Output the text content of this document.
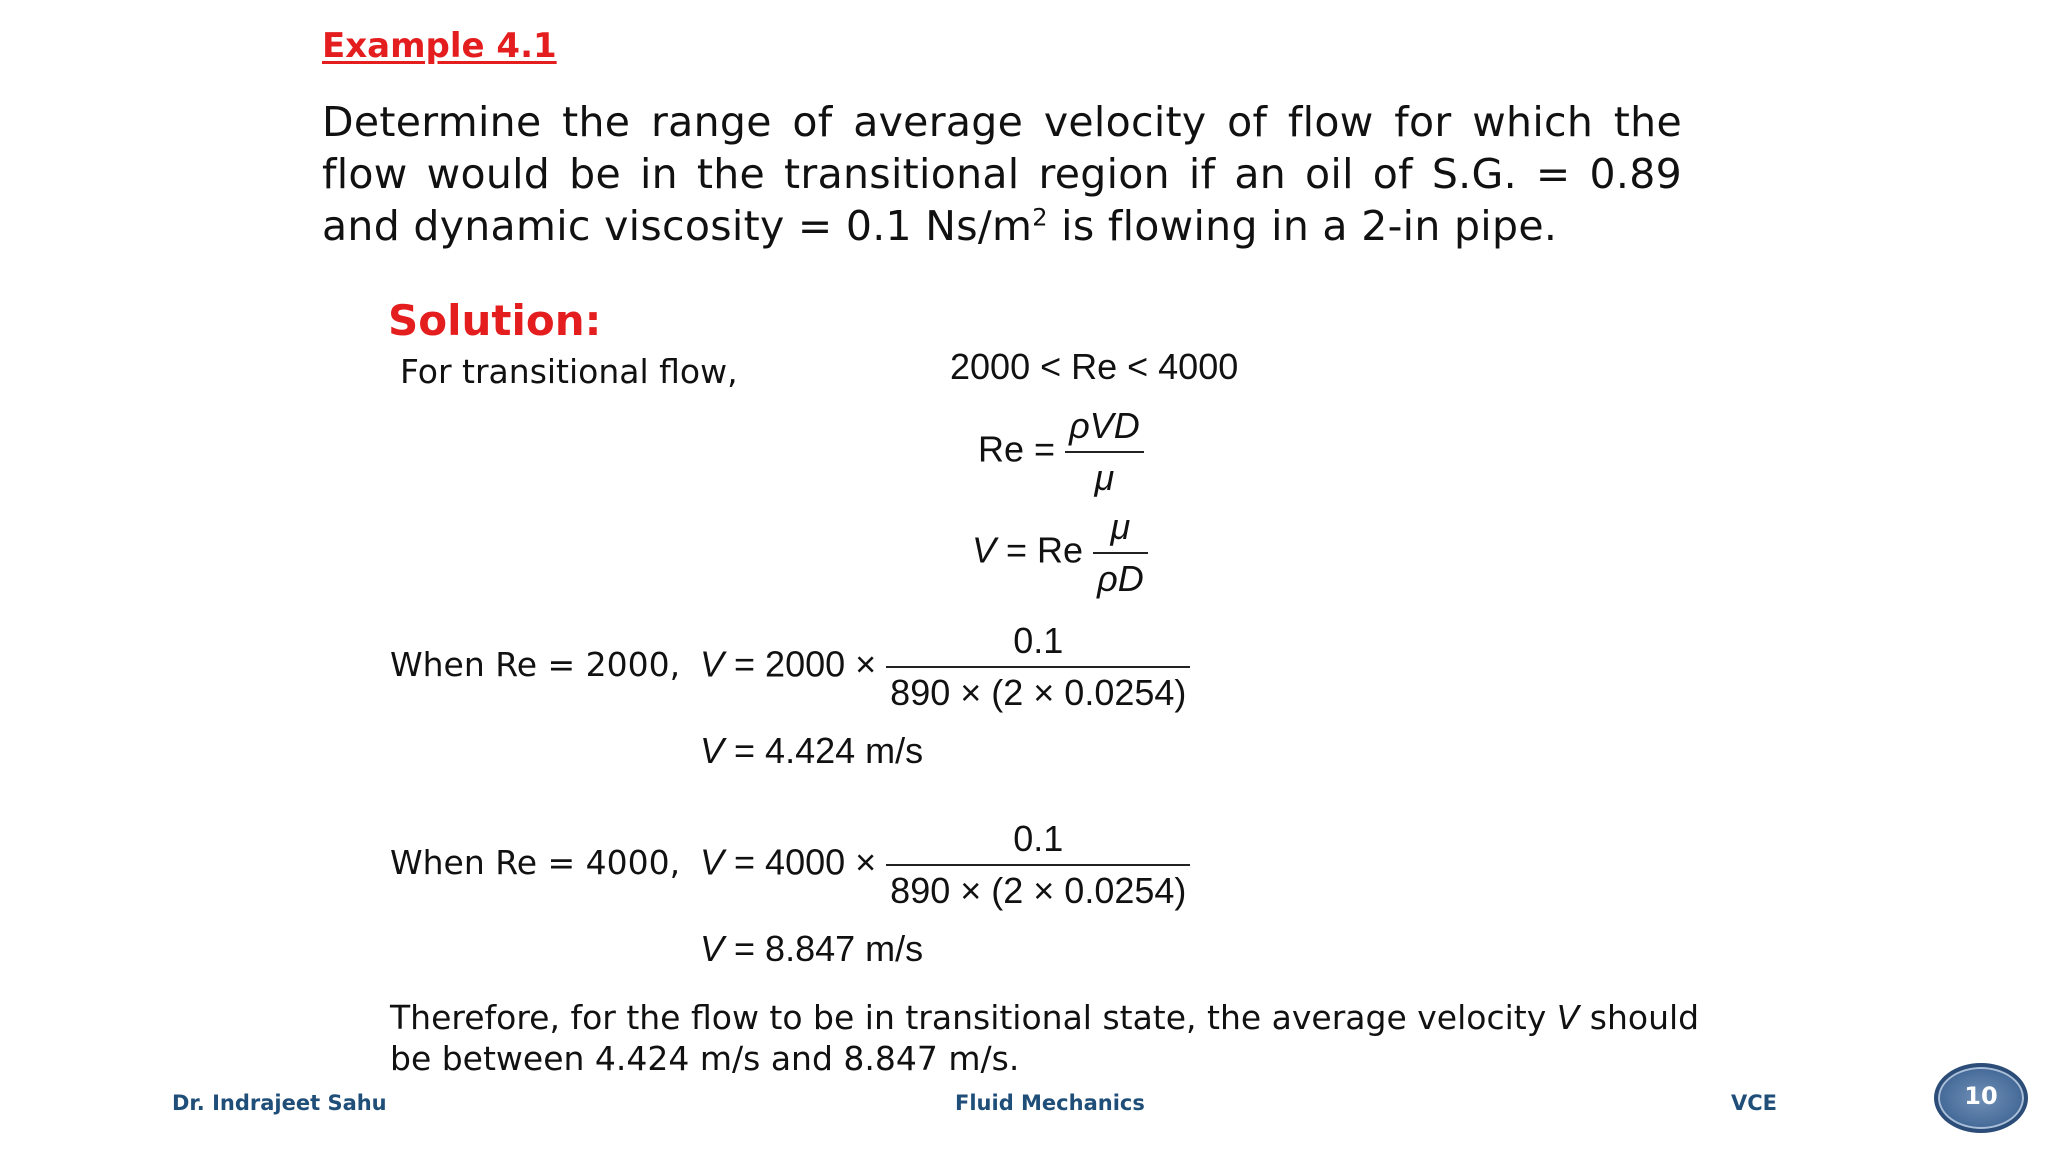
Example 4.1
Determine the range of average velocity of flow for which the flow would be in the transitional region if an oil of S.G. = 0.89 and dynamic viscosity = 0.1 $Ns/m^2$ is flowing in a 2-in pipe.
Solution:
For transitional flow,	2000 < Re < 4000
$Re = \frac{\text{ρVD}}{\mu}$
V = Re $\frac{\mu}{\rho D}$
When Re = 2000, $V = 2000 \times \frac{0.1}{890 \times (2 \times 0.0254)}$
V = 4.424 m/s
When Re = 4000, $V = 4000 \times \frac{0.1}{890 \times (2 \times 0.0254)}$
V = 8.847 m/s
Therefore, for the flow to be in transitional state, the average velocity V should
be between 4.424 m/s and 8.847 m/s.
Dr. Indrajeet Sahu	Fluid Mechanics	VCE	10
